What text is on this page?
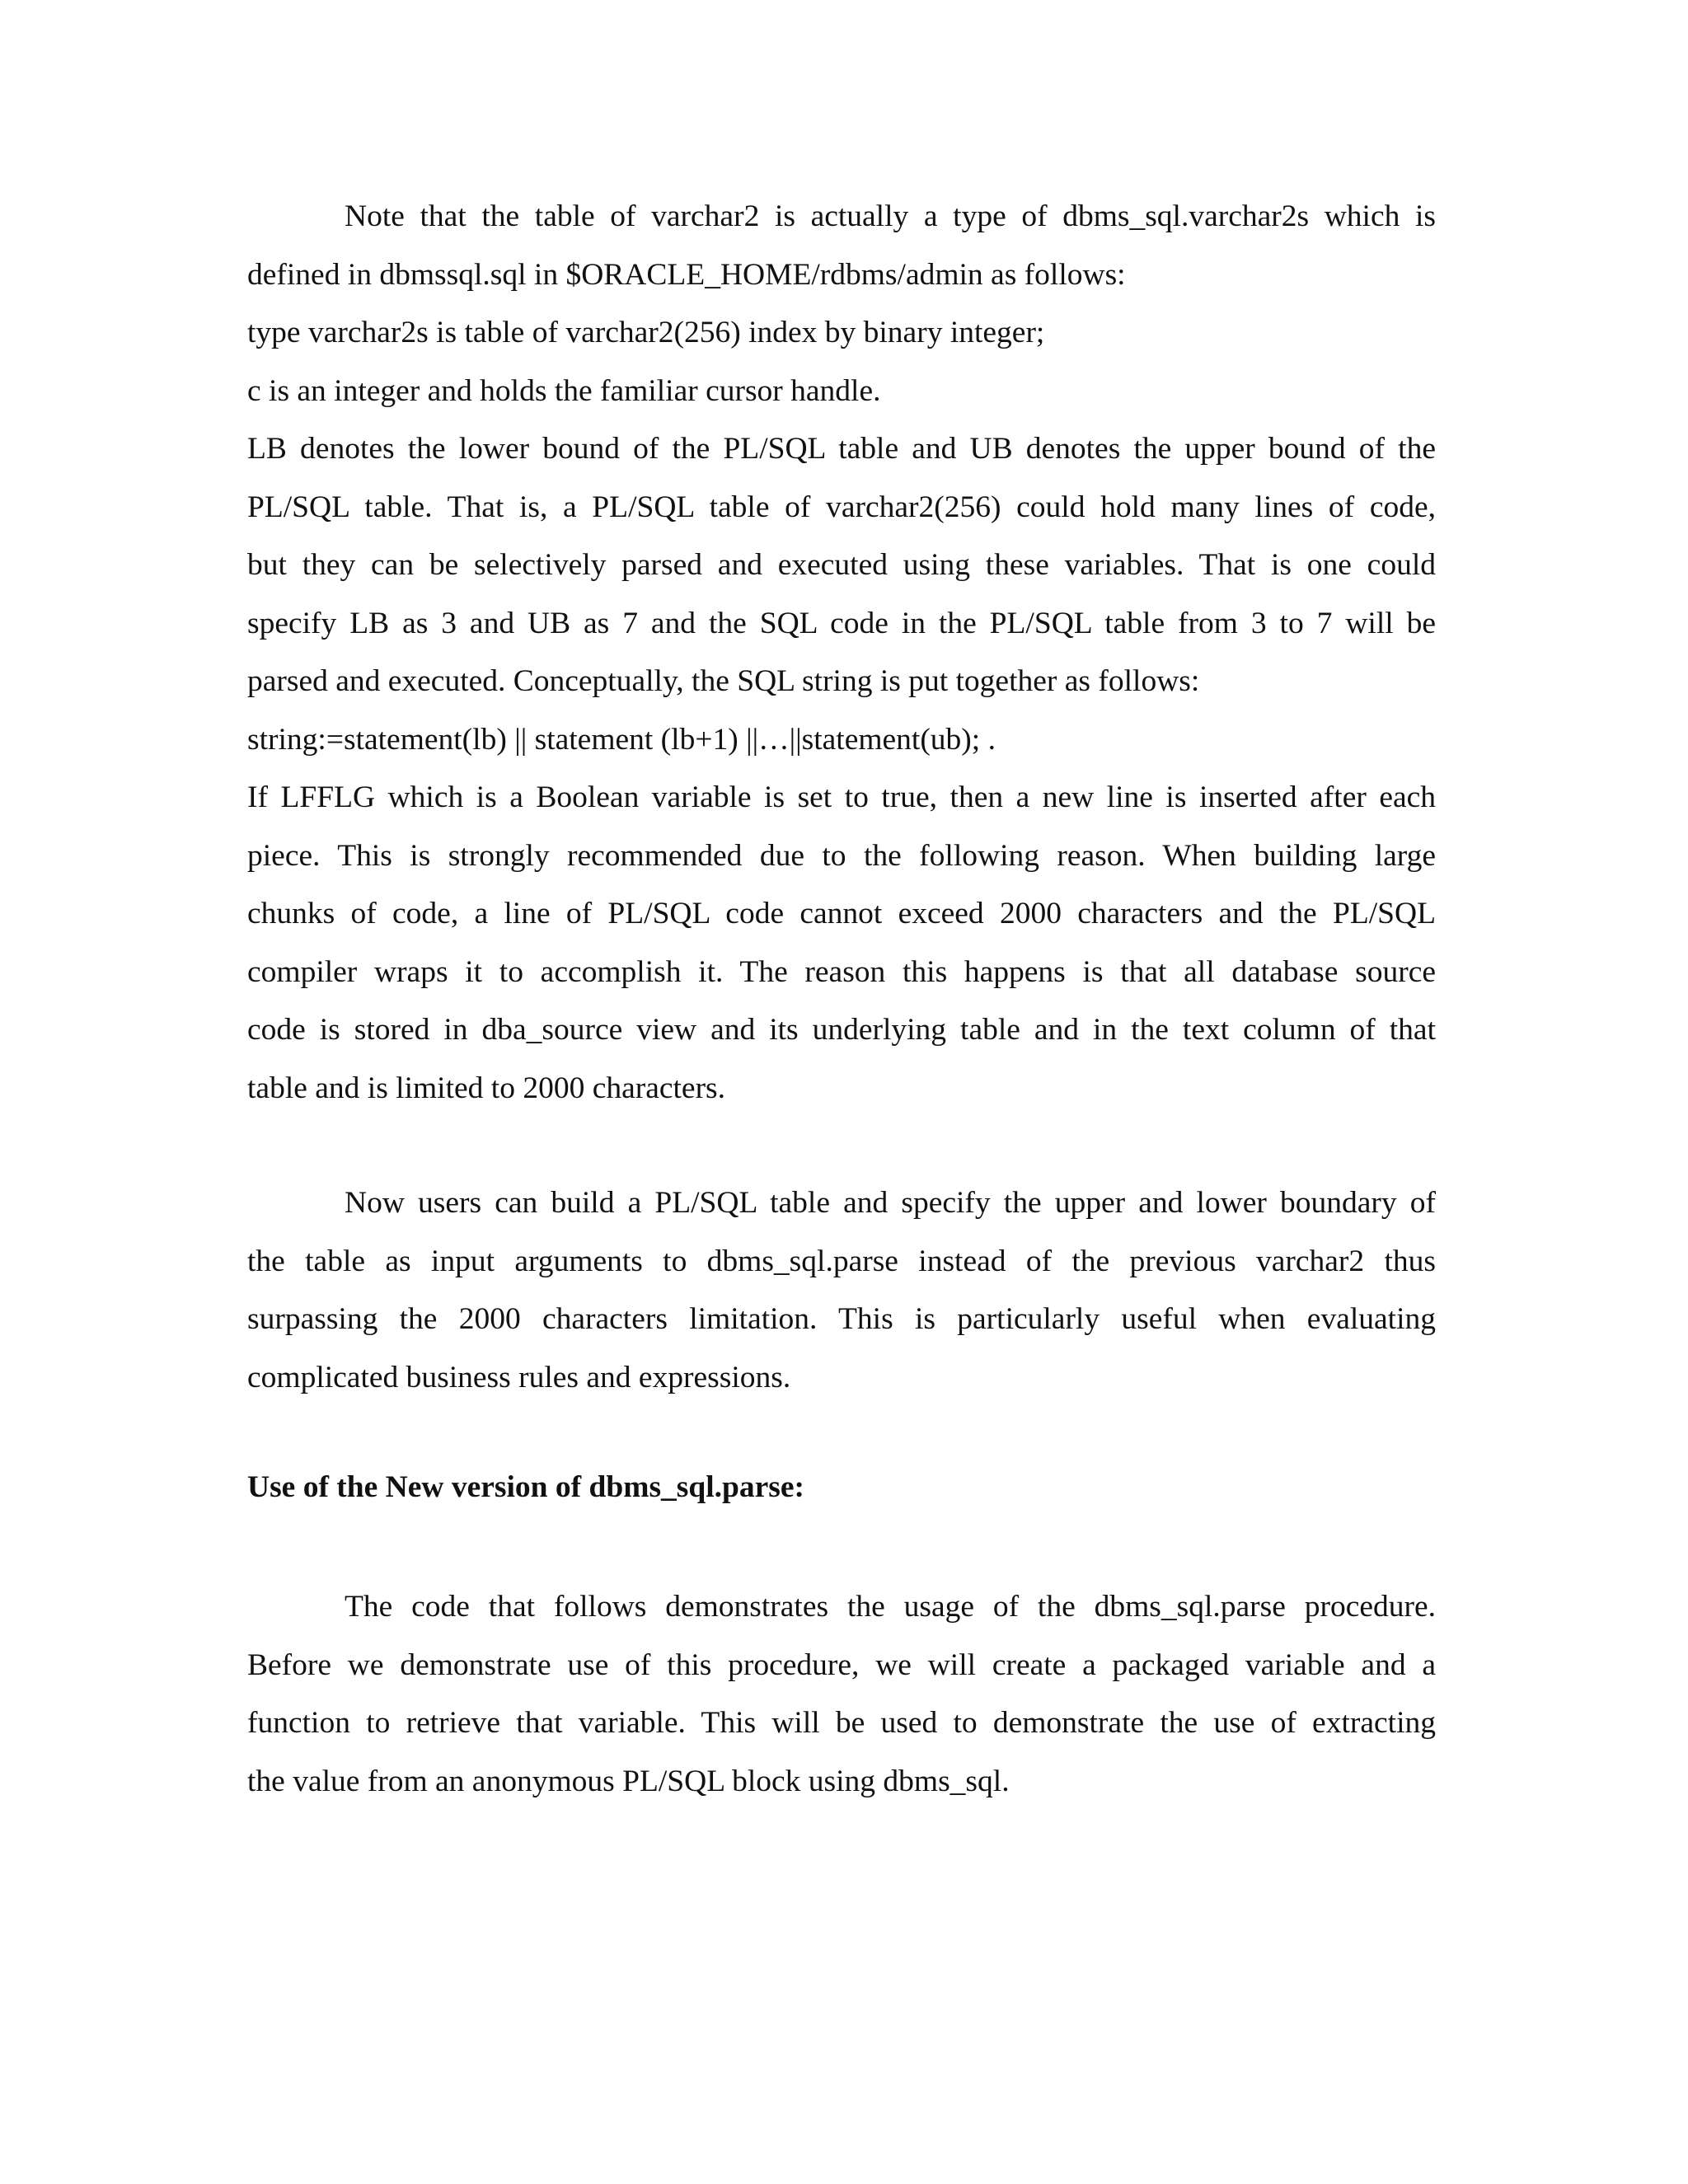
Note that the table of varchar2 is actually a type of dbms_sql.varchar2s which is
defined in dbmssql.sql in $ORACLE_HOME/rdbms/admin as follows:
type varchar2s is table of varchar2(256) index by binary integer;
c is an integer and holds the familiar cursor handle.
LB denotes the lower bound of the PL/SQL table and UB denotes the upper bound of the
PL/SQL table. That is, a PL/SQL table of varchar2(256) could hold many lines of code,
but they can be selectively parsed and executed using these variables. That is one could
specify LB as 3 and UB as 7 and the SQL code in the PL/SQL table from 3 to 7 will be
parsed and executed. Conceptually, the SQL string is put together as follows:
string:=statement(lb) || statement (lb+1) ||…||statement(ub); .
If LFFLG which is a Boolean variable is set to true, then a new line is inserted after each
piece. This is strongly recommended due to the following reason. When building large
chunks of code, a line of PL/SQL code cannot exceed 2000 characters and the PL/SQL
compiler wraps it to accomplish it. The reason this happens is that all database source
code is stored in dba_source view and its underlying table and in the text column of that
table and is limited to 2000 characters.
Now users can build a PL/SQL table and specify the upper and lower boundary of
the table as input arguments to dbms_sql.parse instead of the previous varchar2 thus
surpassing the 2000 characters limitation. This is particularly useful when evaluating
complicated business rules and expressions.
Use of the New version of dbms_sql.parse:
The code that follows demonstrates the usage of the dbms_sql.parse procedure.
Before we demonstrate use of this procedure, we will create a packaged variable and a
function to retrieve that variable. This will be used to demonstrate the use of extracting
the value from an anonymous PL/SQL block using dbms_sql.
